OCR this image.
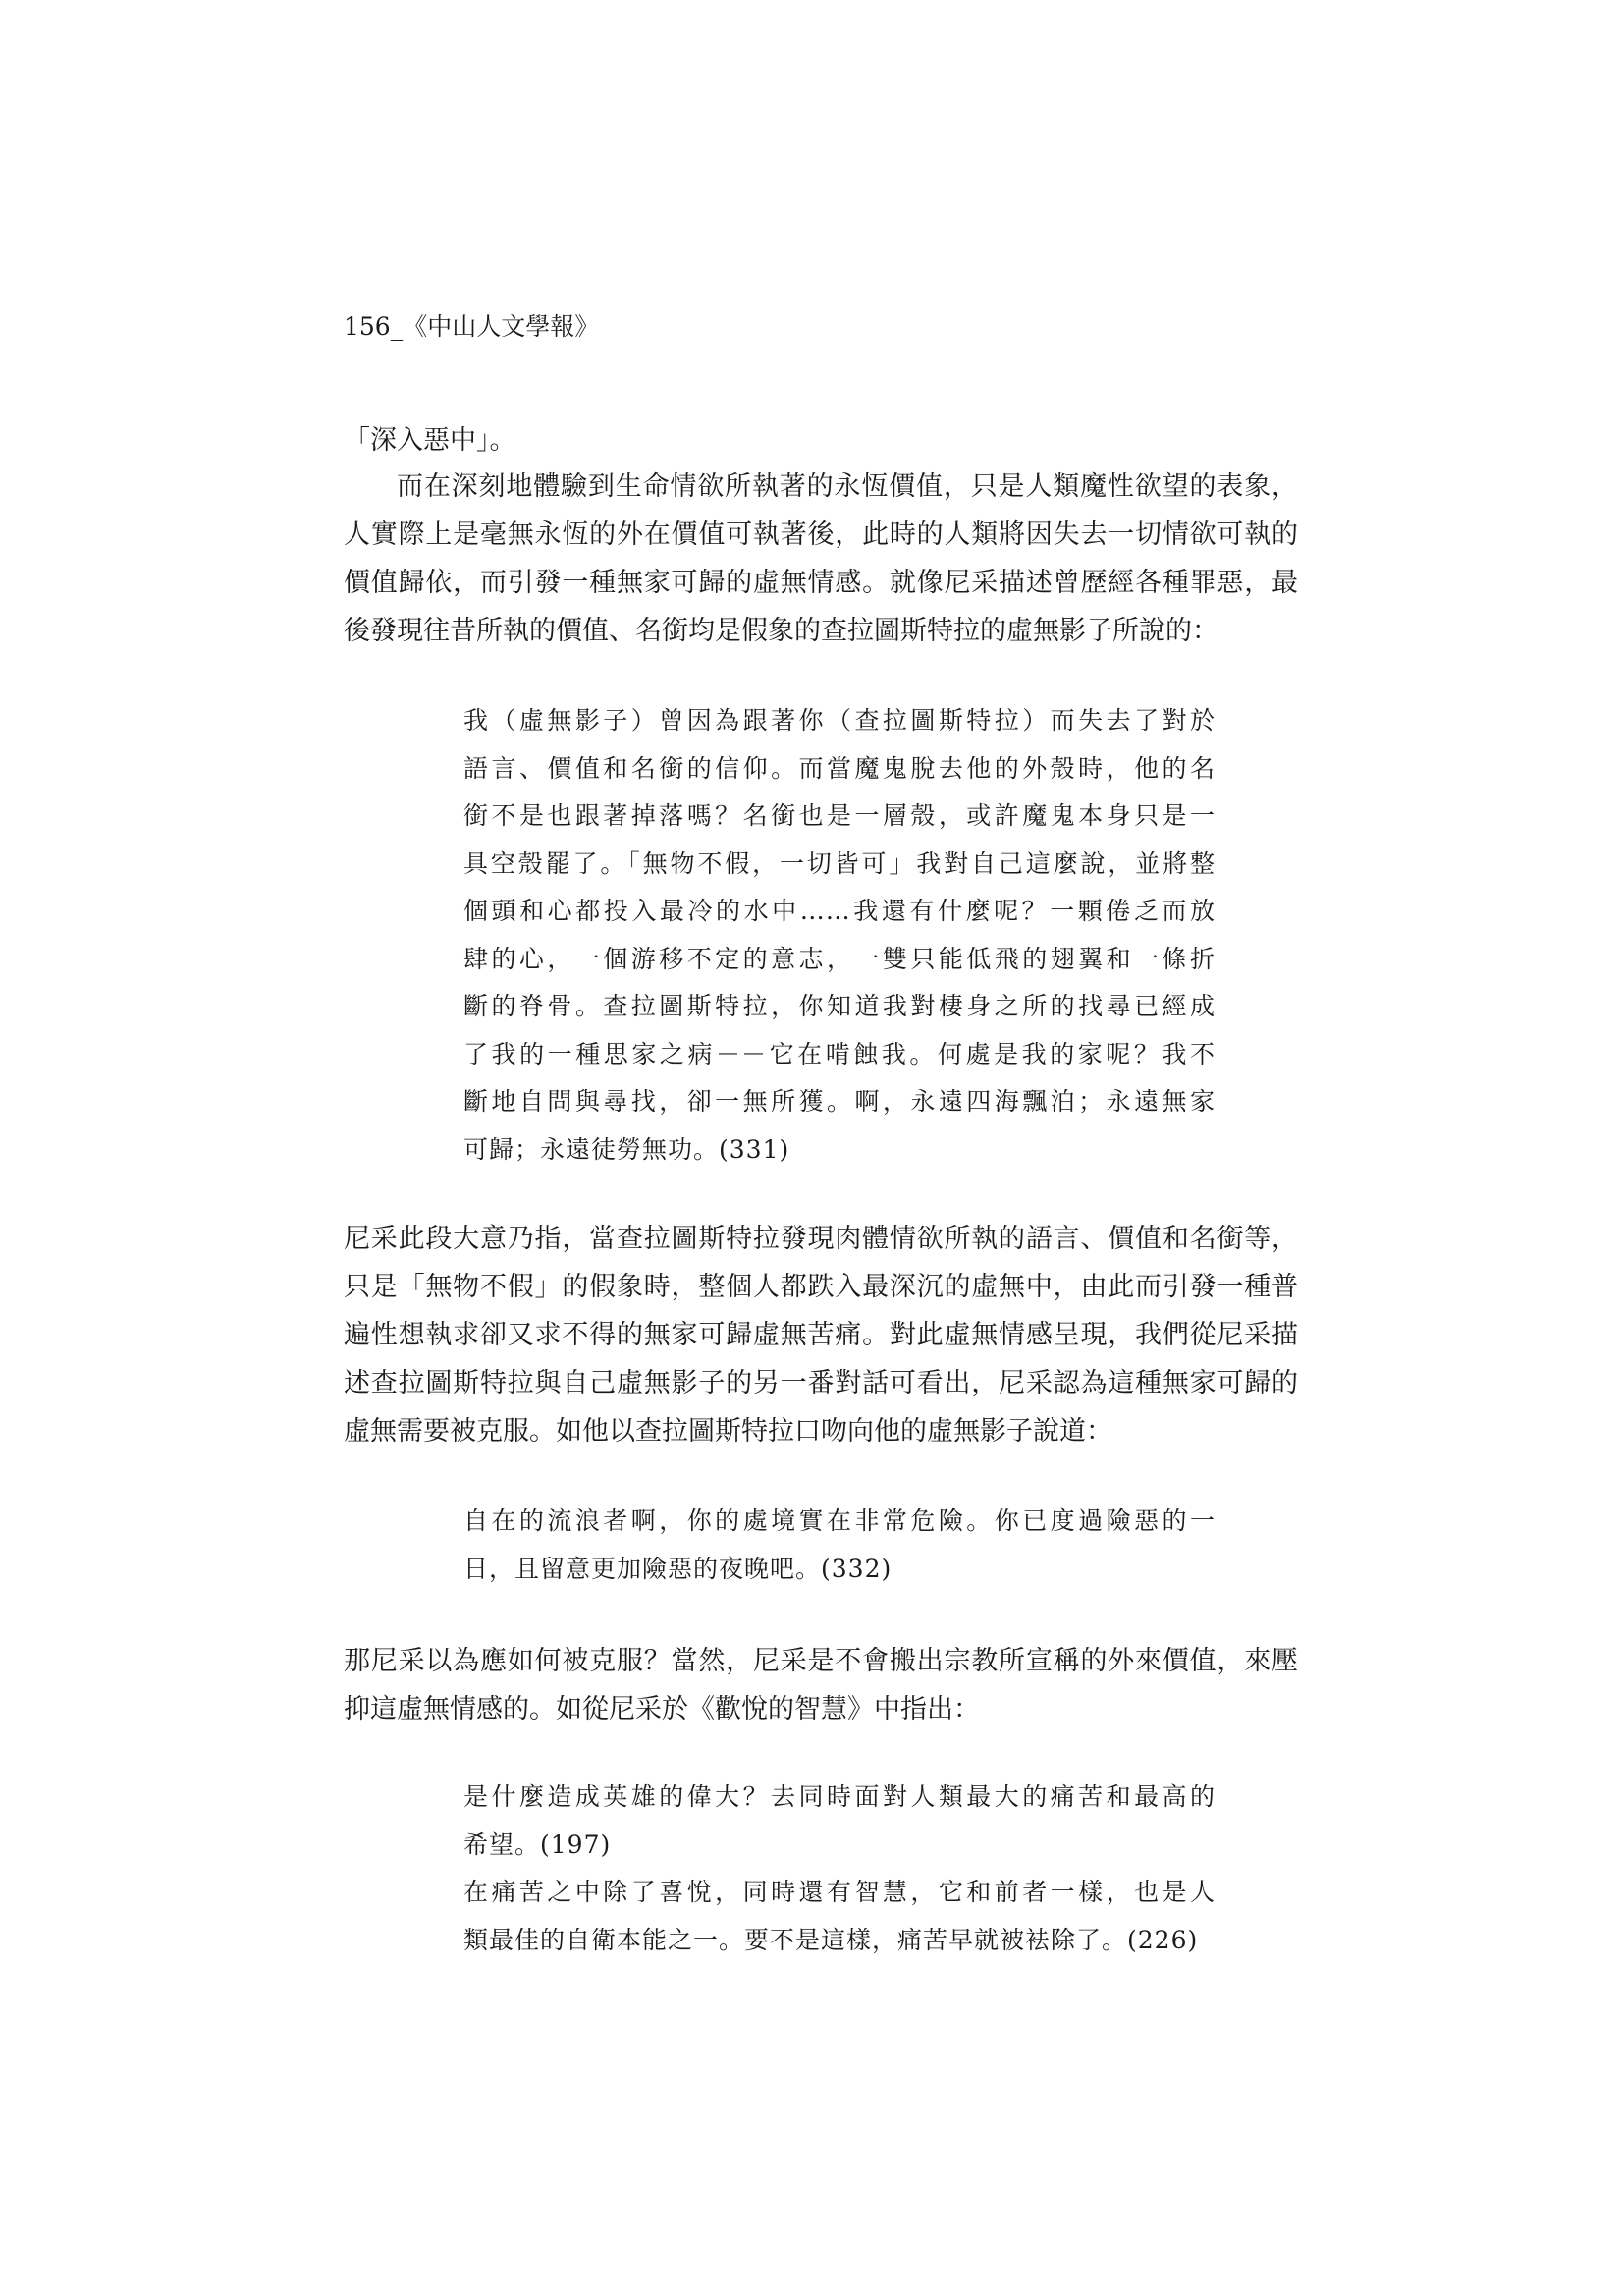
156_《中山人文學報》
「深入惡中」。
而在深刻地體驗到生命情欲所執著的永恆價值，只是人類魔性欲望的表象，
人實際上是毫無永恆的外在價值可執著後，此時的人類將因失去一切情欲可執的
價值歸依，而引發一種無家可歸的虛無情感。就像尼采描述曾歷經各種罪惡，最
後發現往昔所執的價值、名銜均是假象的查拉圖斯特拉的虛無影子所說的：
我（虛無影子）曾因為跟著你（查拉圖斯特拉）而失去了對於
語言、價值和名銜的信仰。而當魔鬼脫去他的外殼時，他的名
銜不是也跟著掉落嗎？名銜也是一層殼，或許魔鬼本身只是一
具空殼罷了。「無物不假，一切皆可」我對自己這麼說，並將整
個頭和心都投入最冷的水中……我還有什麼呢？一顆倦乏而放
肆的心，一個游移不定的意志，一雙只能低飛的翅翼和一條折
斷的脊骨。查拉圖斯特拉，你知道我對棲身之所的找尋已經成
了我的一種思家之病－－它在啃蝕我。何處是我的家呢？我不
斷地自問與尋找，卻一無所獲。啊，永遠四海飄泊；永遠無家
可歸；永遠徒勞無功。(331)
尼采此段大意乃指，當查拉圖斯特拉發現肉體情欲所執的語言、價值和名銜等，
只是「無物不假」的假象時，整個人都跌入最深沉的虛無中，由此而引發一種普
遍性想執求卻又求不得的無家可歸虛無苦痛。對此虛無情感呈現，我們從尼采描
述查拉圖斯特拉與自己虛無影子的另一番對話可看出，尼采認為這種無家可歸的
虛無需要被克服。如他以查拉圖斯特拉口吻向他的虛無影子說道：
自在的流浪者啊，你的處境實在非常危險。你已度過險惡的一
日，且留意更加險惡的夜晚吧。(332)
那尼采以為應如何被克服？當然，尼采是不會搬出宗教所宣稱的外來價值，來壓
抑這虛無情感的。如從尼采於《歡悅的智慧》中指出：
是什麼造成英雄的偉大？去同時面對人類最大的痛苦和最高的
希望。(197)
在痛苦之中除了喜悅，同時還有智慧，它和前者一樣，也是人
類最佳的自衛本能之一。要不是這樣，痛苦早就被袪除了。(226)
